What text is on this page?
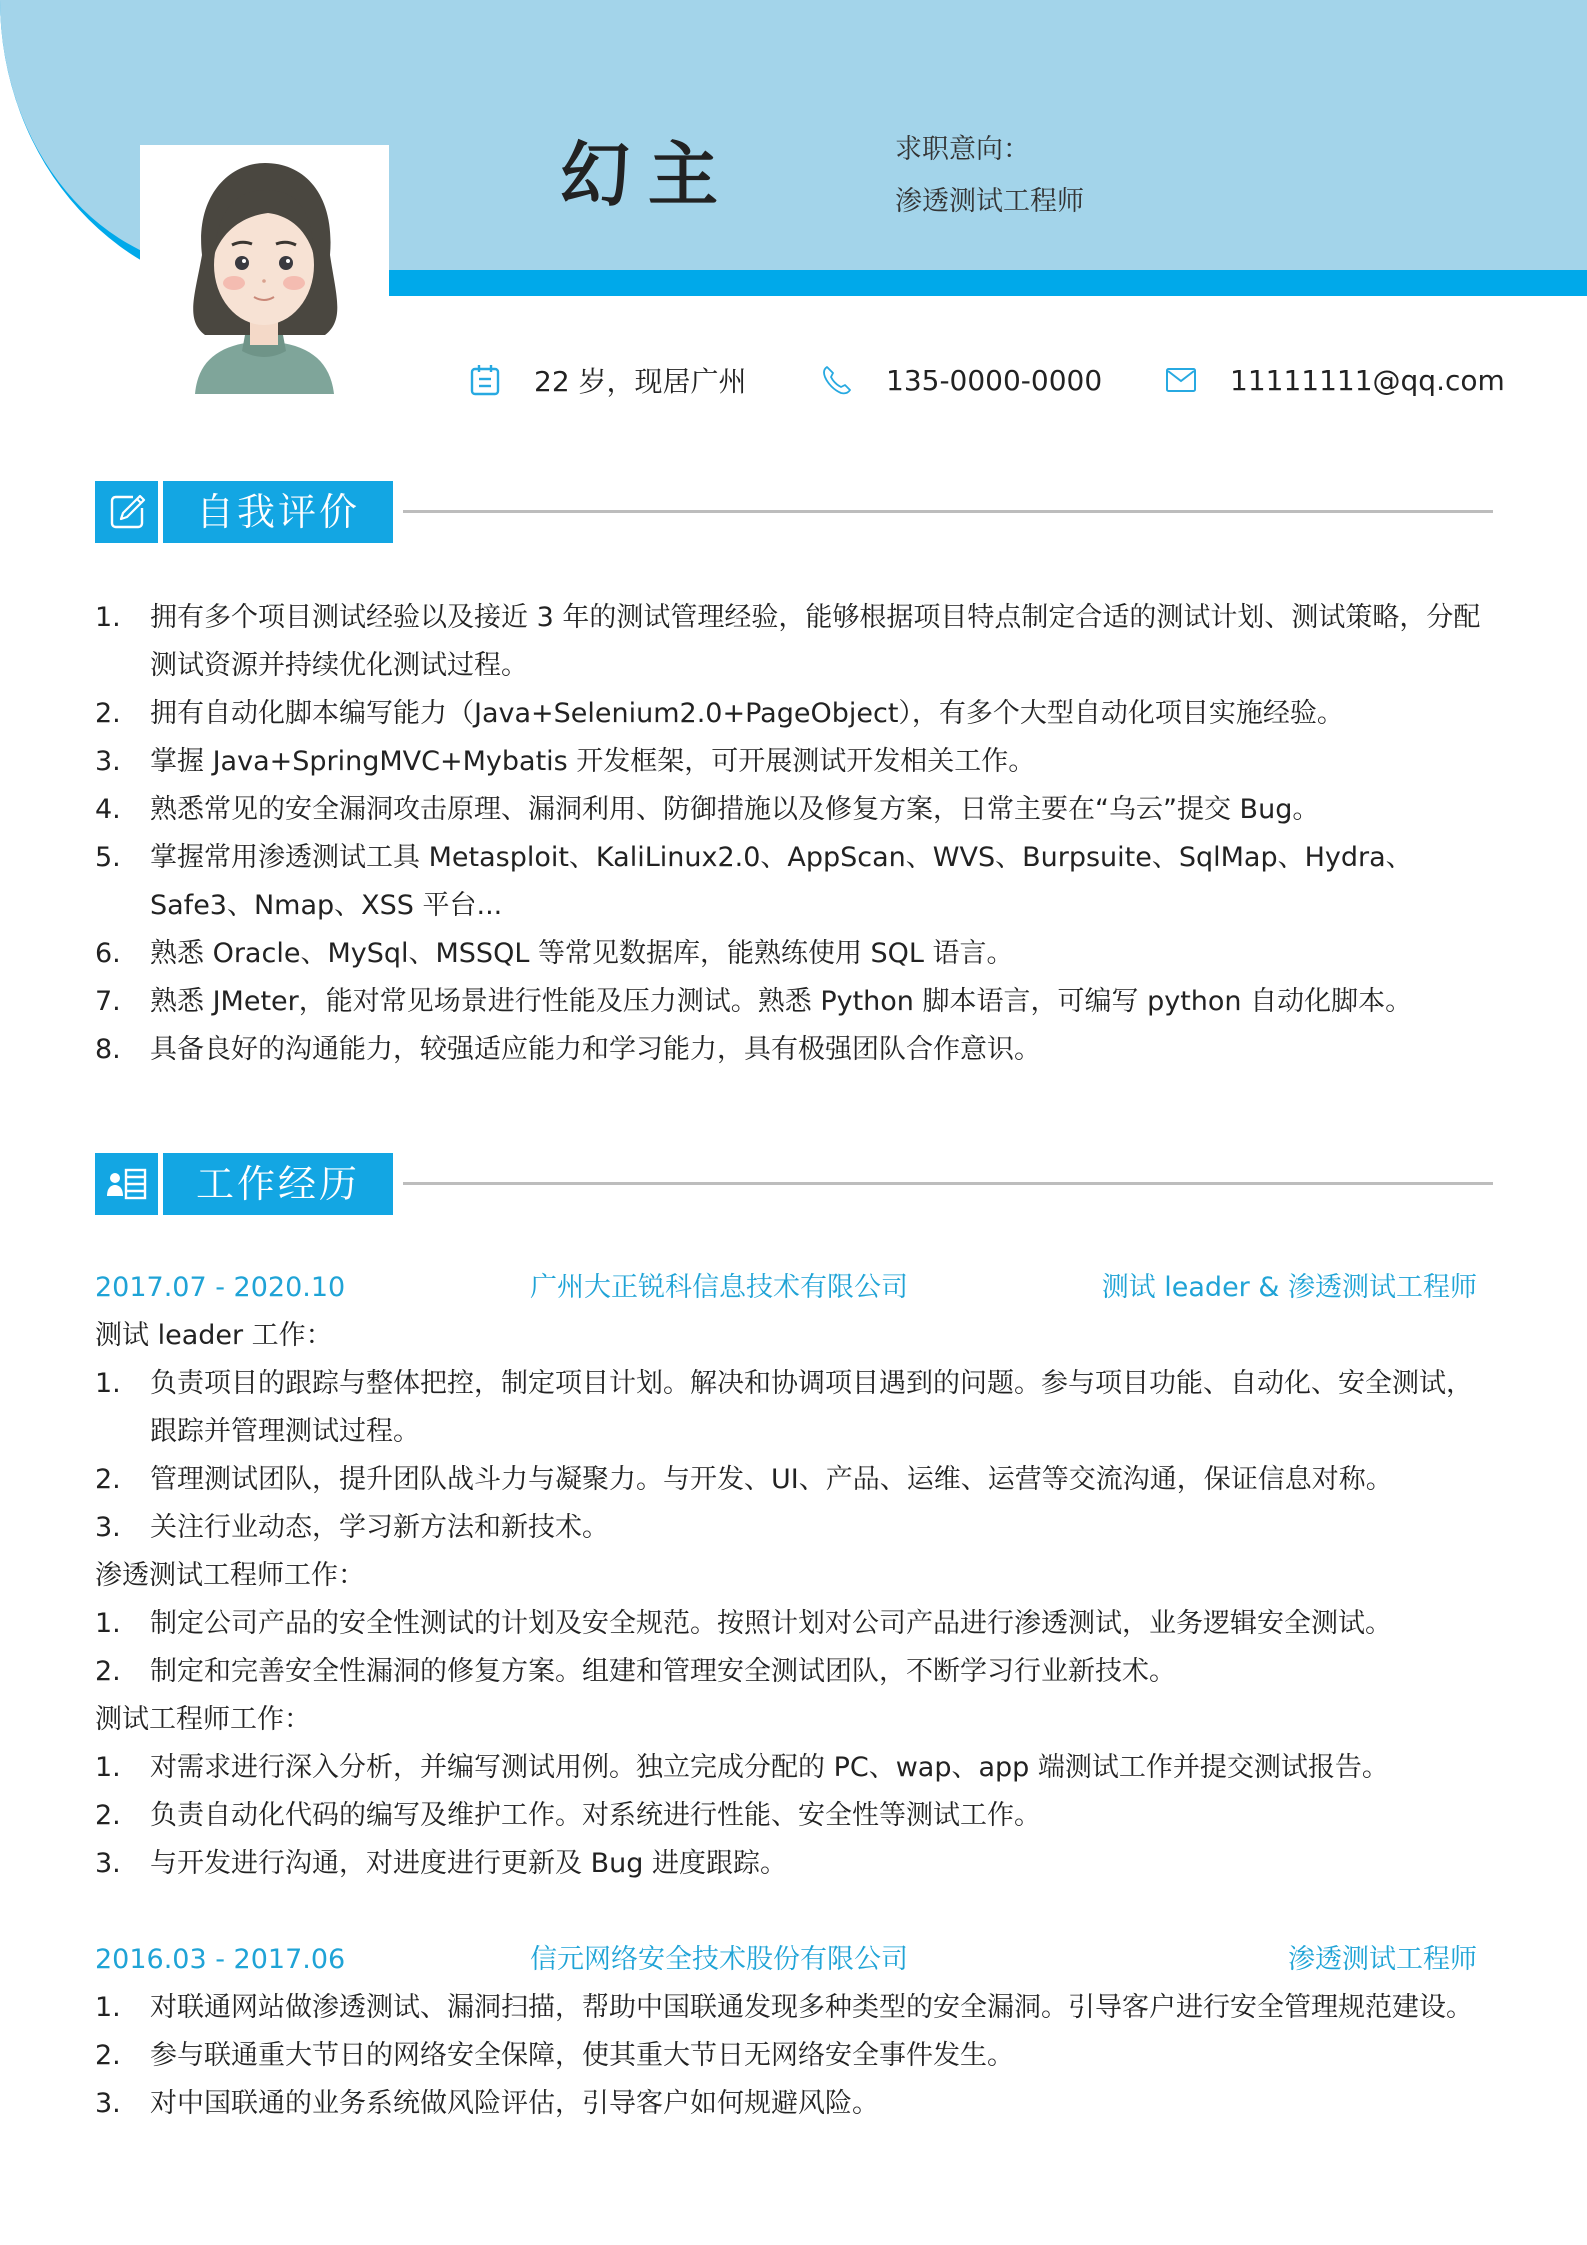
幻主	求职意向：
渗透测试工程师
22 岁，现居广州	135-0000-0000	11111111@qq.com
自我评价
1.	拥有多个项目测试经验以及接近 3 年的测试管理经验，能够根据项目特点制定合适的测试计划、测试策略，分配测试资源并持续优化测试过程。
2.	拥有自动化脚本编写能力（Java+Selenium2.0+PageObject），有多个大型自动化项目实施经验。
3.	掌握 Java+SpringMVC+Mybatis 开发框架，可开展测试开发相关工作。
4.	熟悉常见的安全漏洞攻击原理、漏洞利用、防御措施以及修复方案，日常主要在“乌云”提交 Bug。
5.	掌握常用渗透测试工具 Metasploit、KaliLinux2.0、AppScan、WVS、Burpsuite、SqlMap、Hydra、Safe3、Nmap、XSS 平台...
6.	熟悉 Oracle、MySql、MSSQL 等常见数据库，能熟练使用 SQL 语言。
7.	熟悉 JMeter，能对常见场景进行性能及压力测试。熟悉 Python 脚本语言，可编写 python 自动化脚本。
8.	具备良好的沟通能力，较强适应能力和学习能力，具有极强团队合作意识。
工作经历
2017.07 - 2020.10	广州大正锐科信息技术有限公司	测试 leader & 渗透测试工程师
测试 leader 工作：
1.	负责项目的跟踪与整体把控，制定项目计划。解决和协调项目遇到的问题。参与项目功能、自动化、安全测试，跟踪并管理测试过程。
2.	管理测试团队，提升团队战斗力与凝聚力。与开发、UI、产品、运维、运营等交流沟通，保证信息对称。
3.	关注行业动态，学习新方法和新技术。
渗透测试工程师工作：
1.	制定公司产品的安全性测试的计划及安全规范。按照计划对公司产品进行渗透测试，业务逻辑安全测试。
2.	制定和完善安全性漏洞的修复方案。组建和管理安全测试团队，不断学习行业新技术。
测试工程师工作：
1.	对需求进行深入分析，并编写测试用例。独立完成分配的 PC、wap、app 端测试工作并提交测试报告。
2.	负责自动化代码的编写及维护工作。对系统进行性能、安全性等测试工作。
3.	与开发进行沟通，对进度进行更新及 Bug 进度跟踪。
2016.03 - 2017.06	信元网络安全技术股份有限公司	渗透测试工程师
1.	对联通网站做渗透测试、漏洞扫描，帮助中国联通发现多种类型的安全漏洞。引导客户进行安全管理规范建设。
2.	参与联通重大节日的网络安全保障，使其重大节日无网络安全事件发生。
3.	对中国联通的业务系统做风险评估，引导客户如何规避风险。
